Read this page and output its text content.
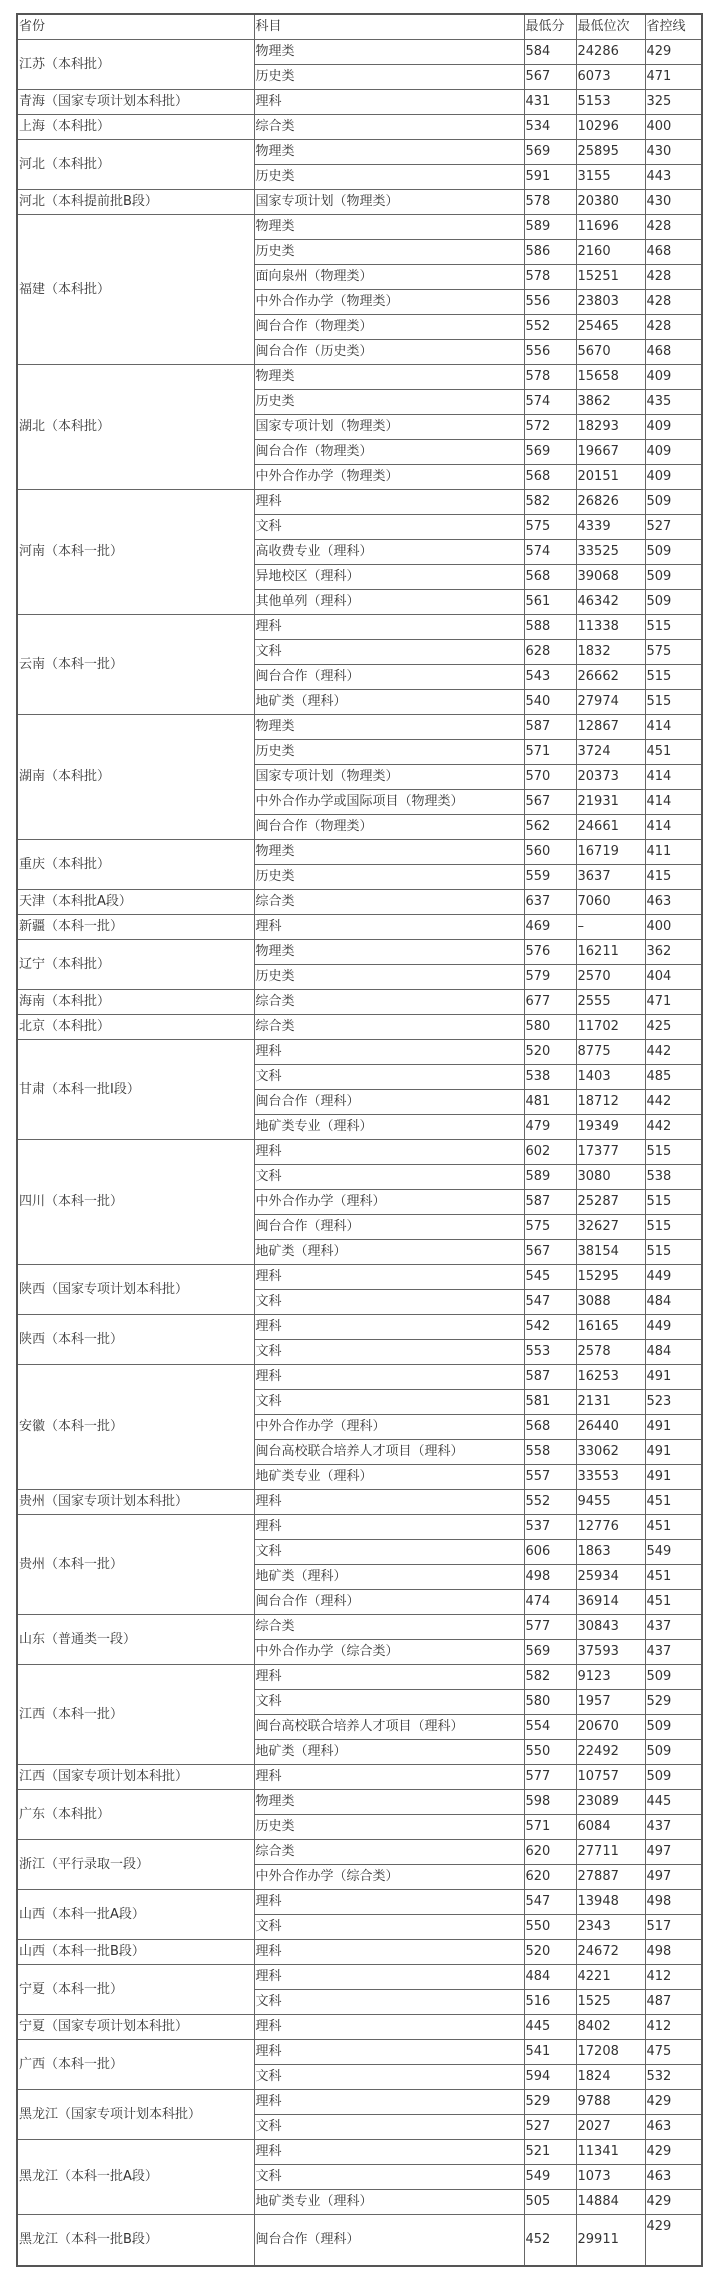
省份	科目	最低分	最低位次	省控线
江苏（本科批）	物理类	584	24286	429
	历史类	567	6073	471
青海（国家专项计划本科批）	理科	431	5153	325
上海（本科批）	综合类	534	10296	400
河北（本科批）	物理类	569	25895	430
	历史类	591	3155	443
河北（本科提前批B段）	国家专项计划（物理类）	578	20380	430
福建（本科批）	物理类	589	11696	428
	历史类	586	2160	468
	面向泉州（物理类）	578	15251	428
	中外合作办学（物理类）	556	23803	428
	闽台合作（物理类）	552	25465	428
	闽台合作（历史类）	556	5670	468
湖北（本科批）	物理类	578	15658	409
	历史类	574	3862	435
	国家专项计划（物理类）	572	18293	409
	闽台合作（物理类）	569	19667	409
	中外合作办学（物理类）	568	20151	409
河南（本科一批）	理科	582	26826	509
	文科	575	4339	527
	高收费专业（理科）	574	33525	509
	异地校区（理科）	568	39068	509
	其他单列（理科）	561	46342	509
云南（本科一批）	理科	588	11338	515
	文科	628	1832	575
	闽台合作（理科）	543	26662	515
	地矿类（理科）	540	27974	515
湖南（本科批）	物理类	587	12867	414
	历史类	571	3724	451
	国家专项计划（物理类）	570	20373	414
	中外合作办学或国际项目（物理类）	567	21931	414
	闽台合作（物理类）	562	24661	414
重庆（本科批）	物理类	560	16719	411
	历史类	559	3637	415
天津（本科批A段）	综合类	637	7060	463
新疆（本科一批）	理科	469	–	400
辽宁（本科批）	物理类	576	16211	362
	历史类	579	2570	404
海南（本科批）	综合类	677	2555	471
北京（本科批）	综合类	580	11702	425
甘肃（本科一批I段）	理科	520	8775	442
	文科	538	1403	485
	闽台合作（理科）	481	18712	442
	地矿类专业（理科）	479	19349	442
四川（本科一批）	理科	602	17377	515
	文科	589	3080	538
	中外合作办学（理科）	587	25287	515
	闽台合作（理科）	575	32627	515
	地矿类（理科）	567	38154	515
陕西（国家专项计划本科批）	理科	545	15295	449
	文科	547	3088	484
陕西（本科一批）	理科	542	16165	449
	文科	553	2578	484
安徽（本科一批）	理科	587	16253	491
	文科	581	2131	523
	中外合作办学（理科）	568	26440	491
	闽台高校联合培养人才项目（理科）	558	33062	491
	地矿类专业（理科）	557	33553	491
贵州（国家专项计划本科批）	理科	552	9455	451
贵州（本科一批）	理科	537	12776	451
	文科	606	1863	549
	地矿类（理科）	498	25934	451
	闽台合作（理科）	474	36914	451
山东（普通类一段）	综合类	577	30843	437
	中外合作办学（综合类）	569	37593	437
江西（本科一批）	理科	582	9123	509
	文科	580	1957	529
	闽台高校联合培养人才项目（理科）	554	20670	509
	地矿类（理科）	550	22492	509
江西（国家专项计划本科批）	理科	577	10757	509
广东（本科批）	物理类	598	23089	445
	历史类	571	6084	437
浙江（平行录取一段）	综合类	620	27711	497
	中外合作办学（综合类）	620	27887	497
山西（本科一批A段）	理科	547	13948	498
	文科	550	2343	517
山西（本科一批B段）	理科	520	24672	498
宁夏（本科一批）	理科	484	4221	412
	文科	516	1525	487
宁夏（国家专项计划本科批）	理科	445	8402	412
广西（本科一批）	理科	541	17208	475
	文科	594	1824	532
黑龙江（国家专项计划本科批）	理科	529	9788	429
	文科	527	2027	463
黑龙江（本科一批A段）	理科	521	11341	429
	文科	549	1073	463
	地矿类专业（理科）	505	14884	429
黑龙江（本科一批B段）	闽台合作（理科）	452	29911	429
